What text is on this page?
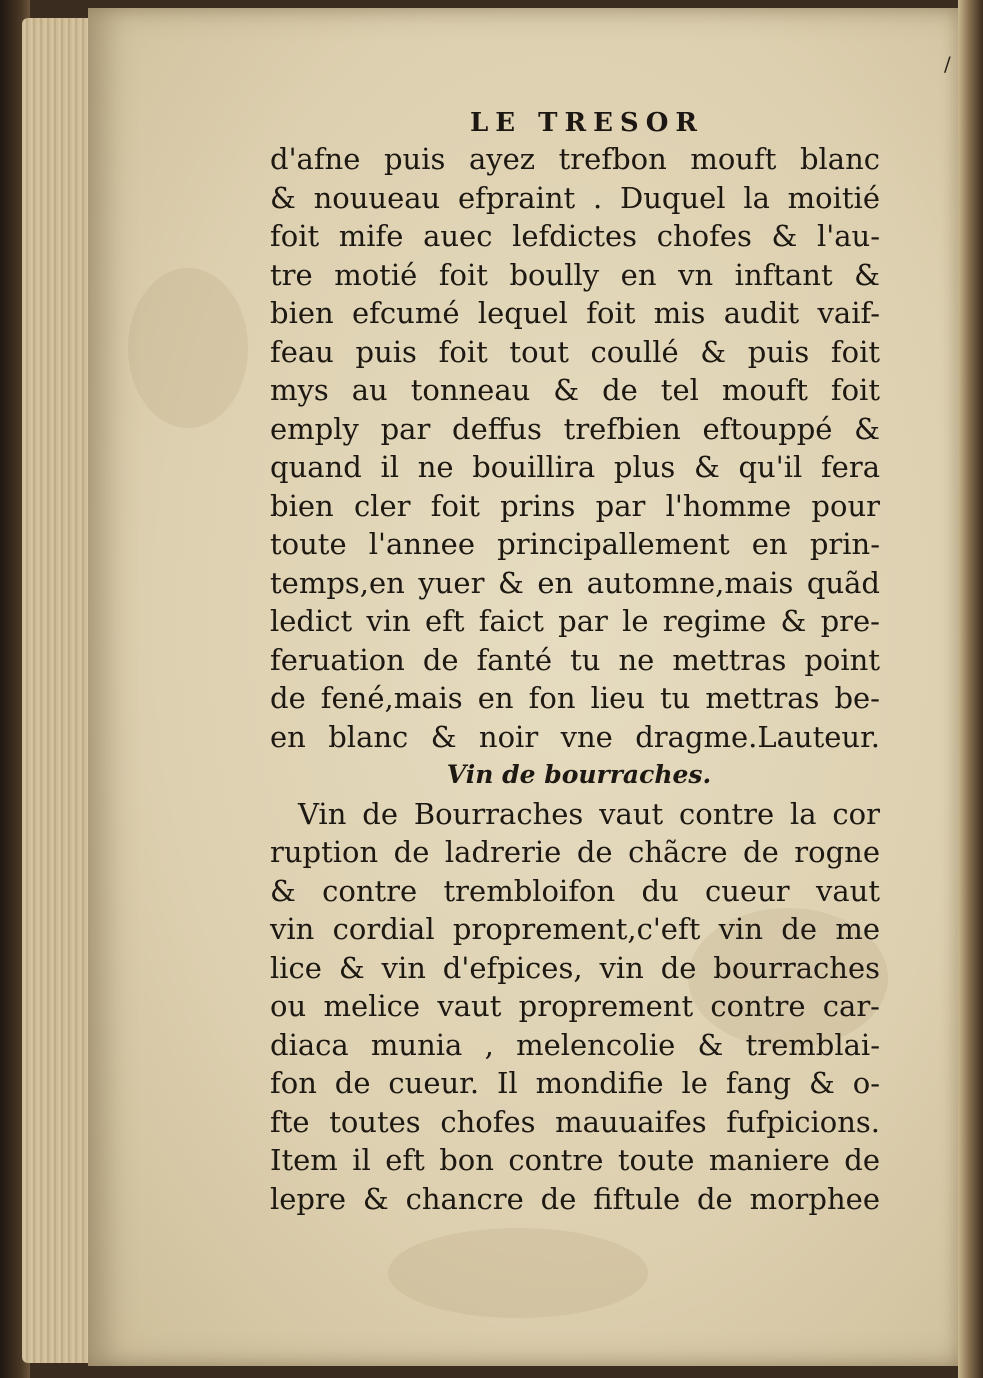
/
LE TRESOR
d'afne puis ayez trefbon mouft blanc
& nouueau efpraint . Duquel la moitié
foit mife auec lefdictes chofes & l'au-
tre motié foit boully en vn inftant &
bien efcumé lequel foit mis audit vaif-
feau puis foit tout coullé & puis foit
mys au tonneau & de tel mouft foit
emply par deffus trefbien eftouppé &
quand il ne bouillira plus & qu'il fera
bien cler foit prins par l'homme pour
toute l'annee principallement en prin-
temps,en yuer & en automne,mais quãd
ledict vin eft faict par le regime & pre-
feruation de fanté tu ne mettras point
de fené,mais en fon lieu tu mettras be-
en blanc & noir vne dragme.Lauteur.
Vin de bourraches.
Vin de Bourraches vaut contre la cor
ruption de ladrerie de chãcre de rogne
& contre trembloifon du cueur vaut
vin cordial proprement,c'eft vin de me
lice & vin d'efpices, vin de bourraches
ou melice vaut proprement contre car-
diaca munia , melencolie & tremblai-
fon de cueur. Il mondifie le fang & o-
fte toutes chofes mauuaifes fufpicions.
Item il eft bon contre toute maniere de
lepre & chancre de fiftule de morphee
